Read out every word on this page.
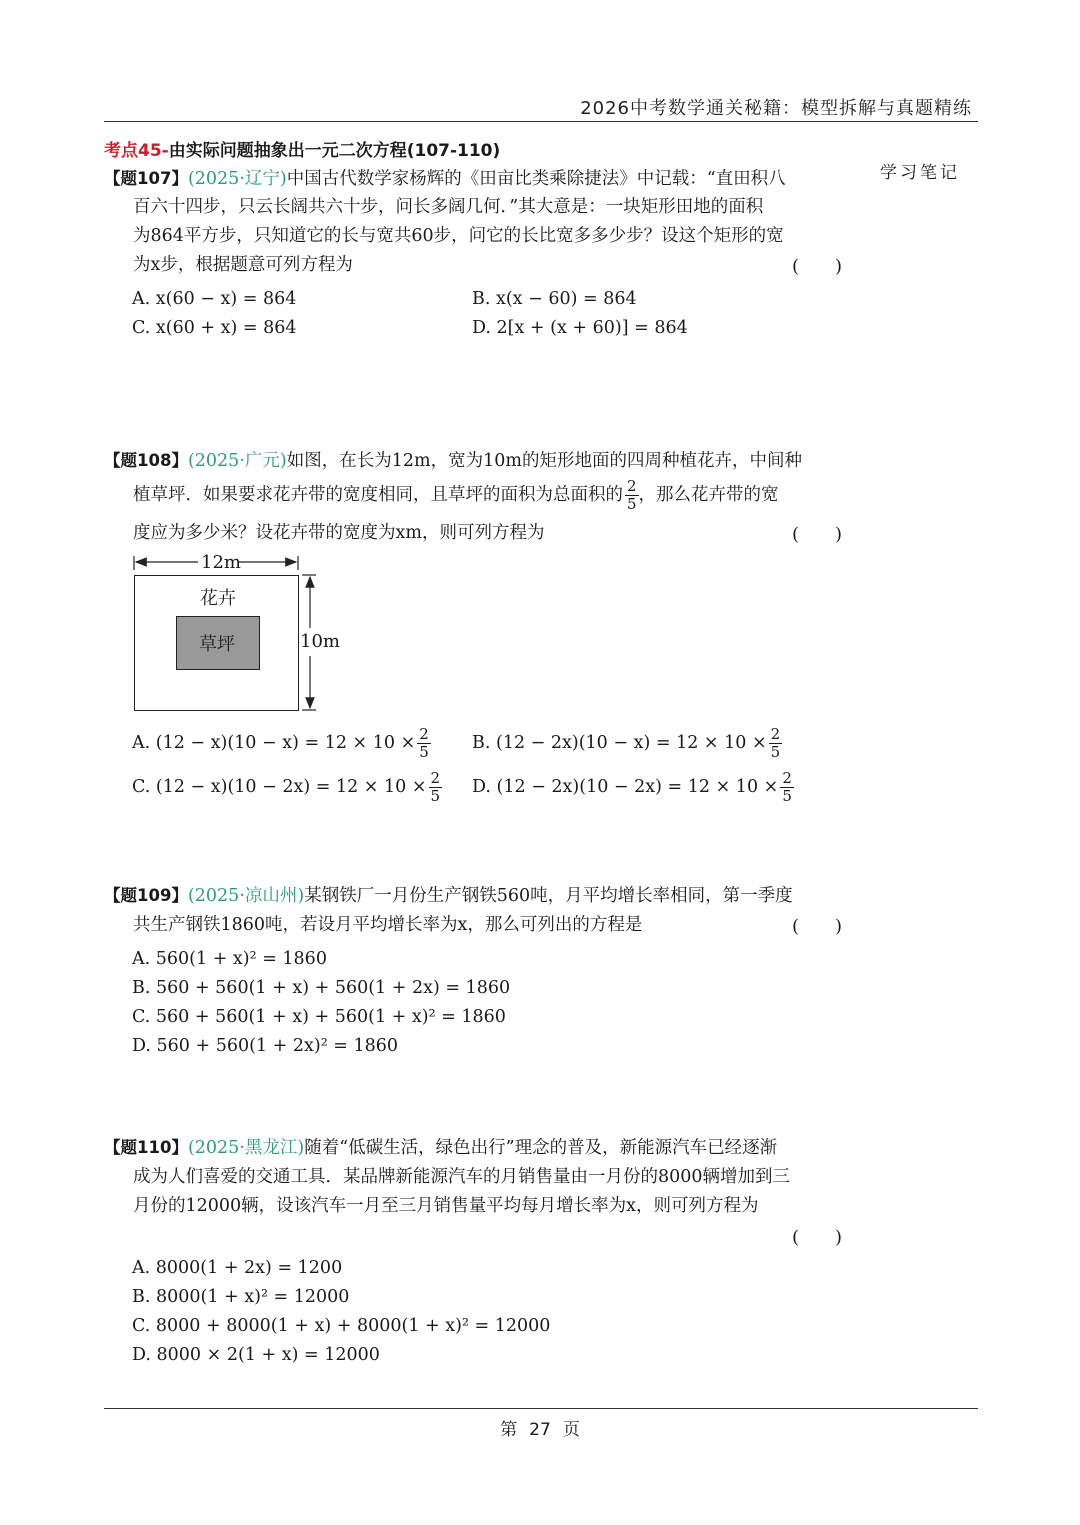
2026中考数学通关秘籍：模型拆解与真题精练
学习笔记
考点45-由实际问题抽象出一元二次方程(107-110)
【题107】(2025·辽宁)中国古代数学家杨辉的《田亩比类乘除捷法》中记载：“直田积八
百六十四步，只云长阔共六十步，问长多阔几何．”其大意是：一块矩形田地的面积
为864平方步，只知道它的长与宽共60步，问它的长比宽多多少步？设这个矩形的宽
为x步，根据题意可列方程为	(　　)
A. x(60 − x) = 864	B. x(x − 60) = 864
C. x(60 + x) = 864	D. 2[x + (x + 60)] = 864
【题108】(2025·广元)如图，在长为12m，宽为10m的矩形地面的四周种植花卉，中间种
植草坪．如果要求花卉带的宽度相同，且草坪的面积为总面积的 $\frac{2}{5}$ ，那么花卉带的宽
度应为多少米？设花卉带的宽度为xm，则可列方程为	(　　)
12m
10m
花卉
草坪
A. $(12 - x)(10 - x) = 12 \times 10 \times \frac{2}{5} B$. $(12 - 2x)(10 - x) = 12 \times 10 \times \frac{2}{5}$
C. $(12 - x)(10 - 2x) = 12 \times 10 \times \frac{2}{5} D$. $(12 - 2x)(10 - 2x) = 12 \times 10 \times \frac{2}{5}$
【题109】(2025·凉山州)某钢铁厂一月份生产钢铁560吨，月平均增长率相同，第一季度
共生产钢铁1860吨，若设月平均增长率为x，那么可列出的方程是	(　　)
A. 560(1 + x)² = 1860
B. 560 + 560(1 + x) + 560(1 + 2x) = 1860
C. 560 + 560(1 + x) + 560(1 + x)² = 1860
D. 560 + 560(1 + 2x)² = 1860
【题110】(2025·黑龙江)随着“低碳生活，绿色出行”理念的普及，新能源汽车已经逐渐
成为人们喜爱的交通工具．某品牌新能源汽车的月销售量由一月份的8000辆增加到三
月份的12000辆，设该汽车一月至三月销售量平均每月增长率为x，则可列方程为
(　　)
A. 8000(1 + 2x) = 1200
B. 8000(1 + x)² = 12000
C. 8000 + 8000(1 + x) + 8000(1 + x)² = 12000
D. 8000 × 2(1 + x) = 12000
第 27 页
